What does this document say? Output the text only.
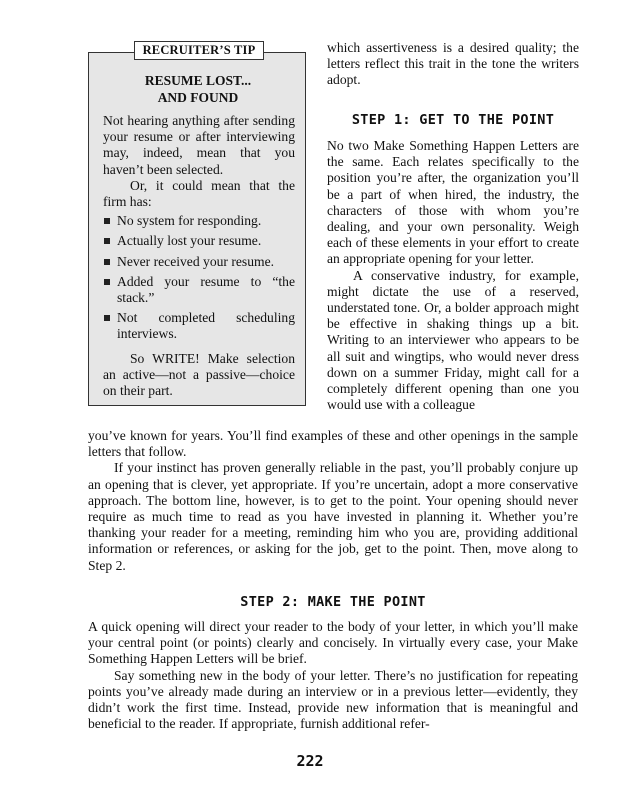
RECRUITER’S TIP
RESUME LOST...
AND FOUND

Not hearing anything after sending your resume or after interviewing may, indeed, mean that you haven’t been selected.

Or, it could mean that the firm has:

No system for responding.
Actually lost your resume.
Never received your resume.
Added your resume to “the stack.”
Not completed scheduling interviews.

So WRITE! Make selection an active—not a passive—choice on their part.

which assertiveness is a desired quality; the letters reflect this trait in the tone the writers adopt.

STEP 1: GET TO THE POINT

No two Make Something Happen Letters are the same. Each relates specifically to the position you’re after, the organization you’ll be a part of when hired, the industry, the characters of those with whom you’re dealing, and your own personality. Weigh each of these elements in your effort to create an appropriate opening for your letter.

A conservative industry, for example, might dictate the use of a reserved, understated tone. Or, a bolder approach might be effective in shaking things up a bit. Writing to an interviewer who appears to be all suit and wingtips, who would never dress down on a summer Friday, might call for a completely different opening than one you would use with a colleague

you’ve known for years. You’ll find examples of these and other openings in the sample letters that follow.

If your instinct has proven generally reliable in the past, you’ll probably conjure up an opening that is clever, yet appropriate. If you’re uncertain, adopt a more conservative approach. The bottom line, however, is to get to the point. Your opening should never require as much time to read as you have invested in planning it. Whether you’re thanking your reader for a meeting, reminding him who you are, providing additional information or references, or asking for the job, get to the point. Then, move along to Step 2.

STEP 2: MAKE THE POINT

A quick opening will direct your reader to the body of your letter, in which you’ll make your central point (or points) clearly and concisely. In virtually every case, your Make Something Happen Letters will be brief.

Say something new in the body of your letter. There’s no justification for repeating points you’ve already made during an interview or in a previous letter—evidently, they didn’t work the first time. Instead, provide new information that is meaningful and beneficial to the reader. If appropriate, furnish additional refer-

222
